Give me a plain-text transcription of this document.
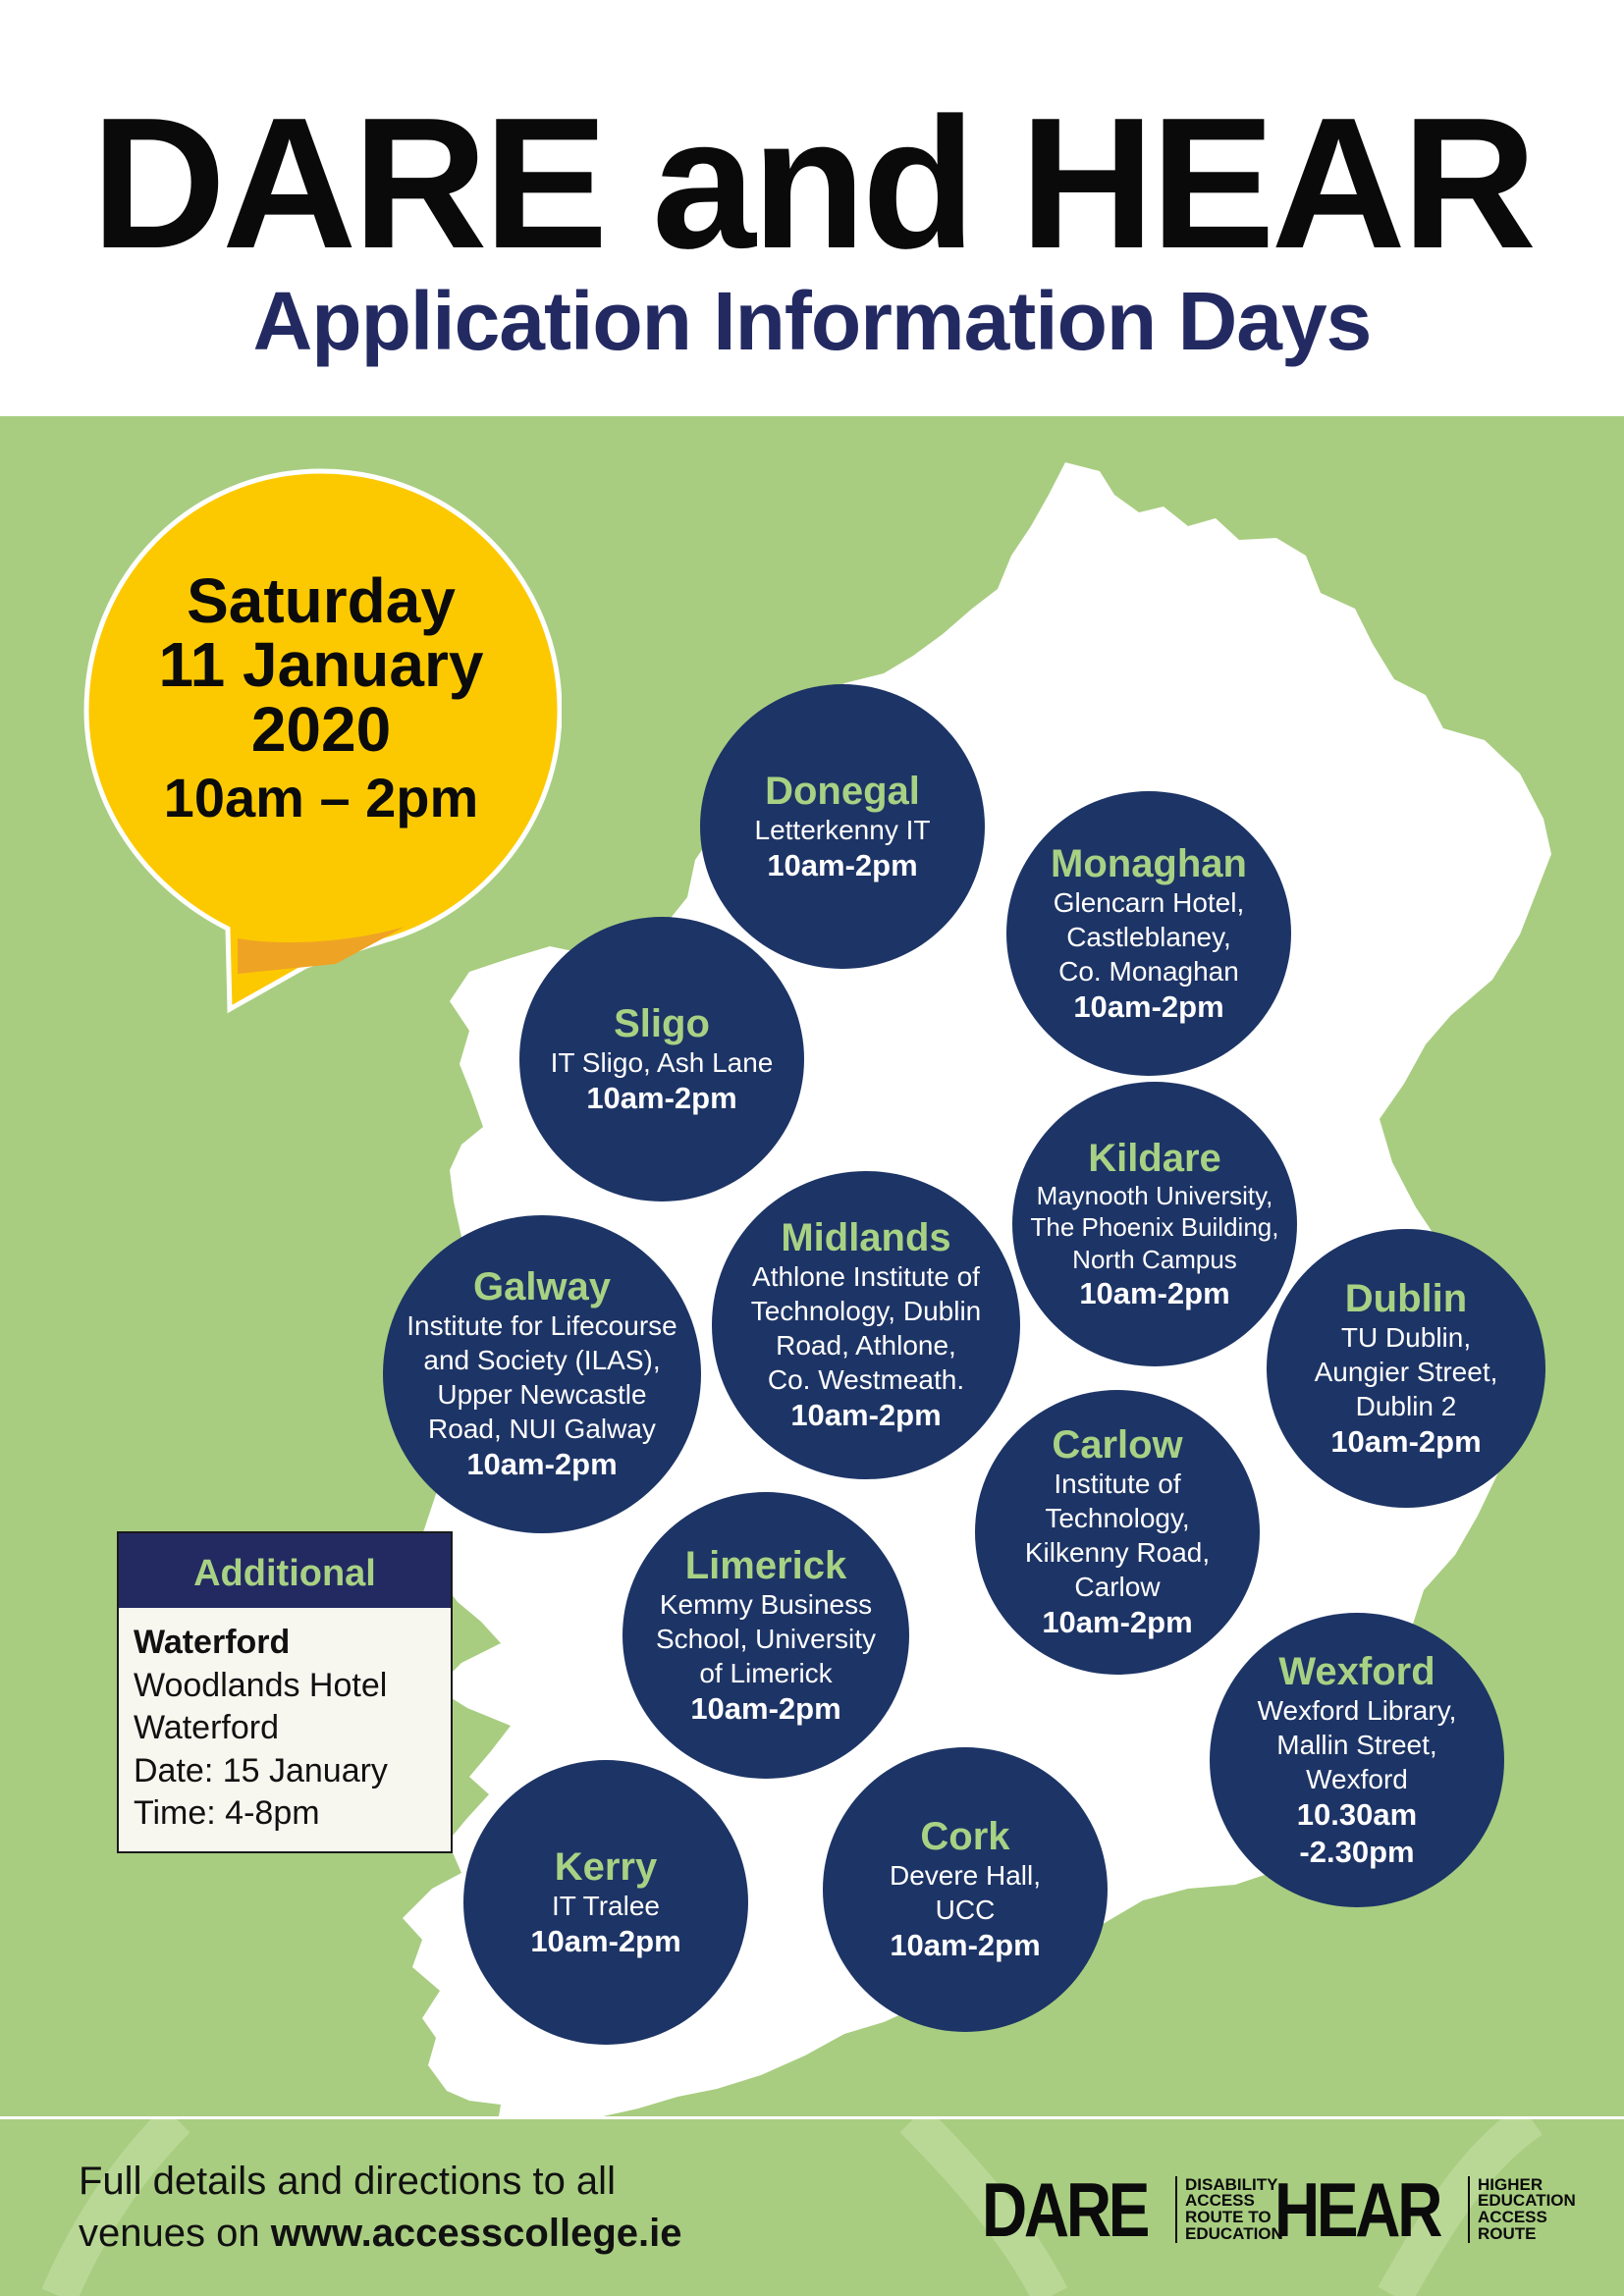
DARE and HEAR
Application Information Days
Saturday
11 January
2020
10am – 2pm	Donegal
Letterkenny IT
10am-2pm	Monaghan
Glencarn Hotel,
Castleblaney,
Co. Monaghan
10am-2pm
Sligo
IT Sligo, Ash Lane
10am-2pm
Kildare
Maynooth University,
The Phoenix Building,
North Campus
10am-2pm
Midlands
Athlone Institute of
Technology, Dublin
Road, Athlone,
Co. Westmeath.
10am-2pm
Galway
Institute for Lifecourse
and Society (ILAS),
Upper Newcastle
Road, NUI Galway
10am-2pm
Dublin
TU Dublin,
Aungier Street,
Dublin 2
10am-2pm
Carlow
Institute of
Technology,
Kilkenny Road,
Carlow
10am-2pm
Limerick
Kemmy Business
School, University
of Limerick
10am-2pm
Wexford
Wexford Library,
Mallin Street,
Wexford
10.30am
-2.30pm
Kerry
IT Tralee
10am-2pm
Cork
Devere Hall,
UCC
10am-2pm
Additional
Waterford
Woodlands Hotel
Waterford
Date: 15 January
Time: 4-8pm
Full details and directions to all
venues on www.accesscollege.ie	DARE DISABILITY
ACCESS
ROUTE TO
EDUCATION
HEAR HIGHER
EDUCATION
ACCESS
ROUTE
